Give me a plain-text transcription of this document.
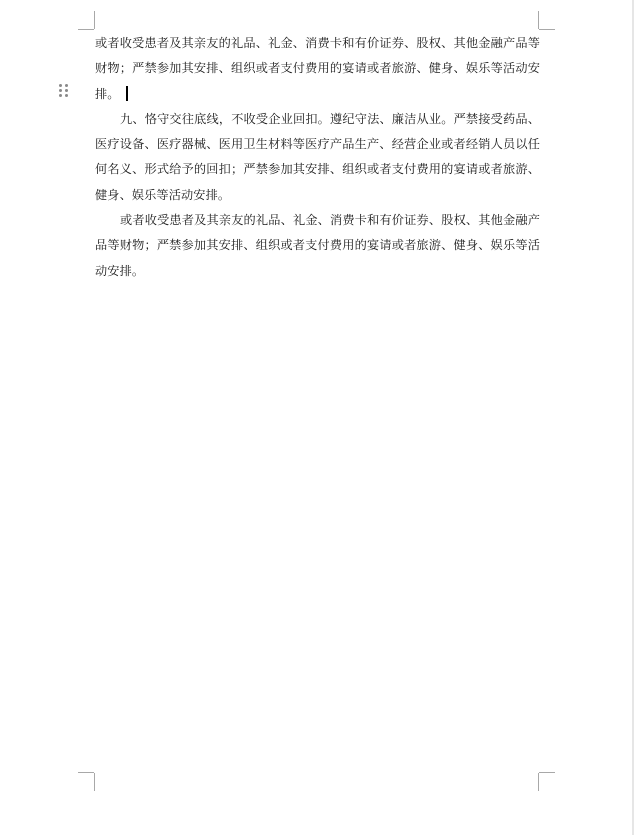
或者收受患者及其亲友的礼品、礼金、消费卡和有价证券、股权、其他金融产品等财物；严禁参加其安排、组织或者支付费用的宴请或者旅游、健身、娱乐等活动安排。

九、恪守交往底线，不收受企业回扣。遵纪守法、廉洁从业。严禁接受药品、医疗设备、医疗器械、医用卫生材料等医疗产品生产、经营企业或者经销人员以任何名义、形式给予的回扣；严禁参加其安排、组织或者支付费用的宴请或者旅游、健身、娱乐等活动安排。

或者收受患者及其亲友的礼品、礼金、消费卡和有价证券、股权、其他金融产品等财物；严禁参加其安排、组织或者支付费用的宴请或者旅游、健身、娱乐等活动安排。
